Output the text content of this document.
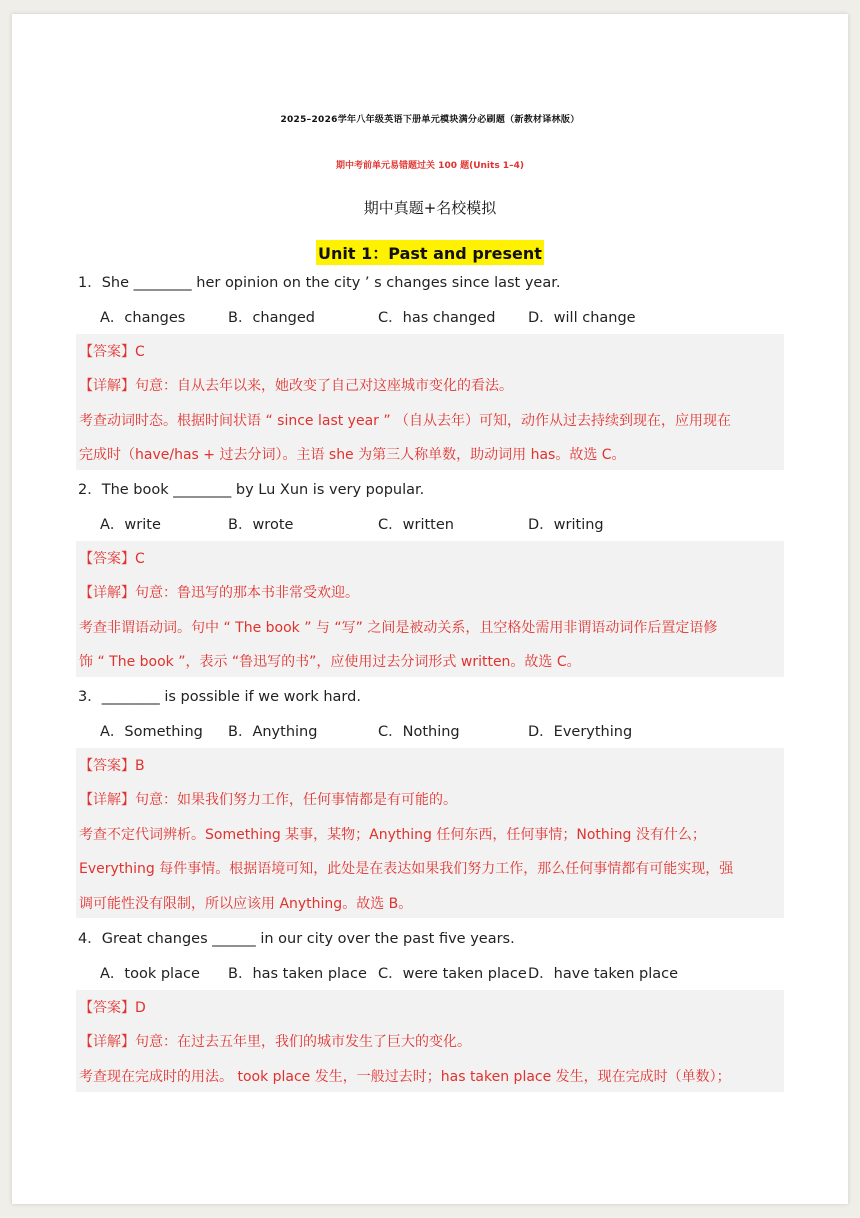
2025–2026学年八年级英语下册单元模块满分必刷题（新教材译林版）
期中考前单元易错题过关 100 题(Units 1–4)
期中真题+名校模拟
Unit 1：Past and present
1．She ________ her opinion on the city ’ s changes since last year.
A．changes	B．changed	C．has changed D．will change
【答案】C
【详解】句意：自从去年以来，她改变了自己对这座城市变化的看法。
考查动词时态。根据时间状语 “ since last year ” （自从去年）可知，动作从过去持续到现在，应用现在
完成时（have/has + 过去分词）。主语 she 为第三人称单数，助动词用 has。故选 C。
2．The book ________ by Lu Xun is very popular.
A．write	B．wrote	C．written	D．writing
【答案】C
【详解】句意：鲁迅写的那本书非常受欢迎。
考查非谓语动词。句中 “ The book ” 与 “写” 之间是被动关系，且空格处需用非谓语动词作后置定语修
饰 “ The book ”，表示 “鲁迅写的书”，应使用过去分词形式 written。故选 C。
3．________ is possible if we work hard.
A．Something B．Anything	C．Nothing	D．Everything
【答案】B
【详解】句意：如果我们努力工作，任何事情都是有可能的。
考查不定代词辨析。Something 某事，某物；Anything 任何东西，任何事情；Nothing 没有什么；
Everything 每件事情。根据语境可知，此处是在表达如果我们努力工作，那么任何事情都有可能实现，强
调可能性没有限制，所以应该用 Anything。故选 B。
4．Great changes ______ in our city over the past five years.
A．took place B．has taken place C．were taken place D．have taken place
【答案】D
【详解】句意：在过去五年里，我们的城市发生了巨大的变化。
考查现在完成时的用法。 took place 发生，一般过去时；has taken place 发生，现在完成时（单数）；
